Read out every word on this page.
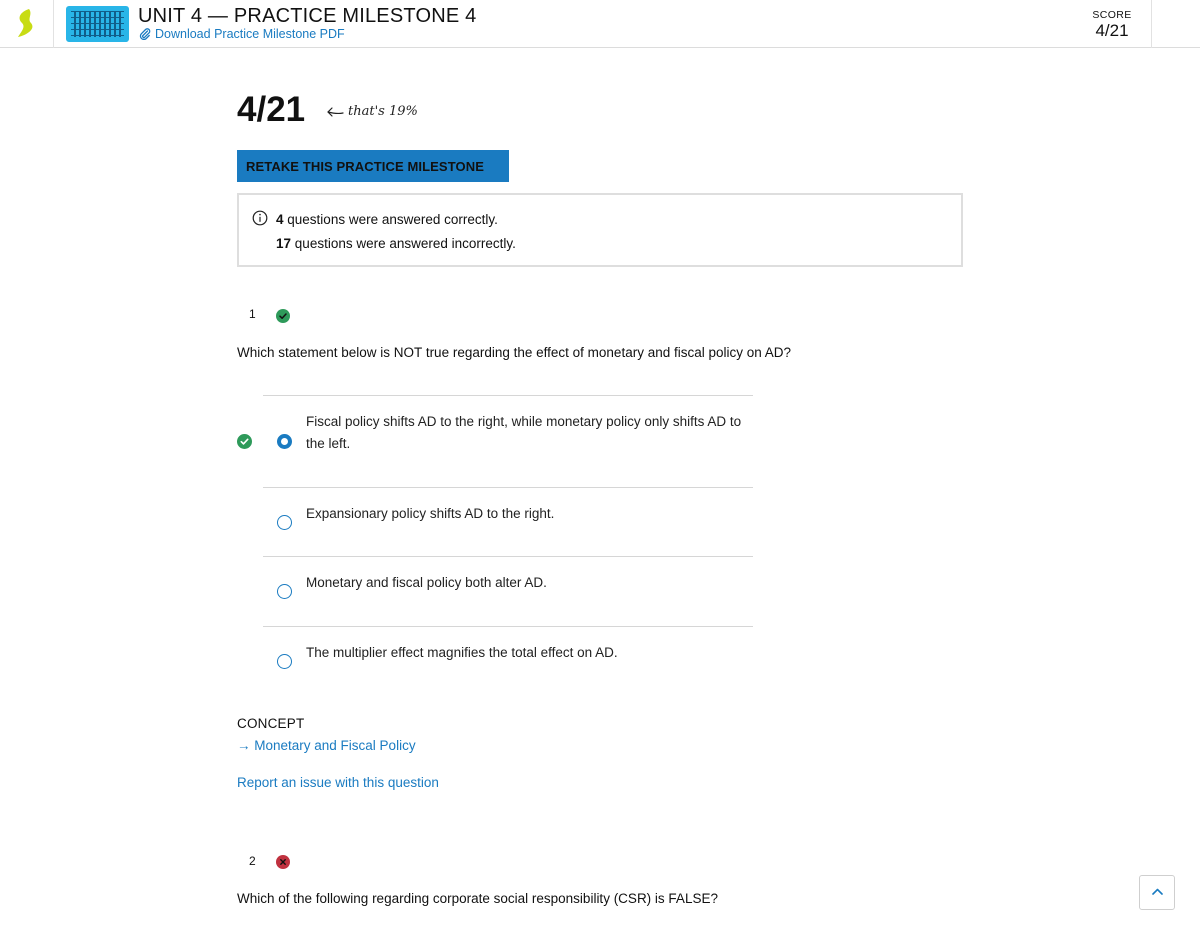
UNIT 4 — PRACTICE MILESTONE 4
Download Practice Milestone PDF
SCORE
4/21
4/21	that's 19%
RETAKE THIS PRACTICE MILESTONE
4 questions were answered correctly.
17 questions were answered incorrectly.
1
Which statement below is NOT true regarding the effect of monetary and fiscal policy on AD?
Fiscal policy shifts AD to the right, while monetary policy only shifts AD to the left.
Expansionary policy shifts AD to the right.
Monetary and fiscal policy both alter AD.
The multiplier effect magnifies the total effect on AD.
CONCEPT
→ Monetary and Fiscal Policy
Report an issue with this question
2
Which of the following regarding corporate social responsibility (CSR) is FALSE?
